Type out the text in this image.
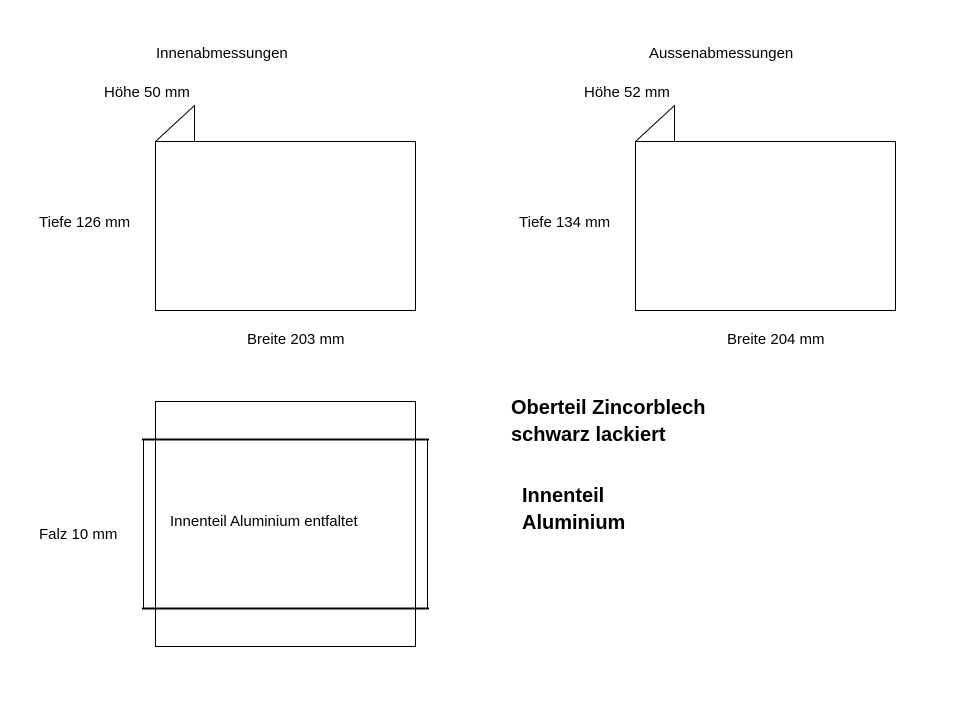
Innenabmessungen
Höhe 50 mm
Tiefe 126 mm
Breite 203 mm
Aussenabmessungen
Höhe 52 mm
Tiefe 134 mm
Breite 204 mm
Falz 10 mm
Innenteil Aluminium entfaltet
Oberteil Zincorblech
schwarz lackiert
Innenteil
Aluminium
